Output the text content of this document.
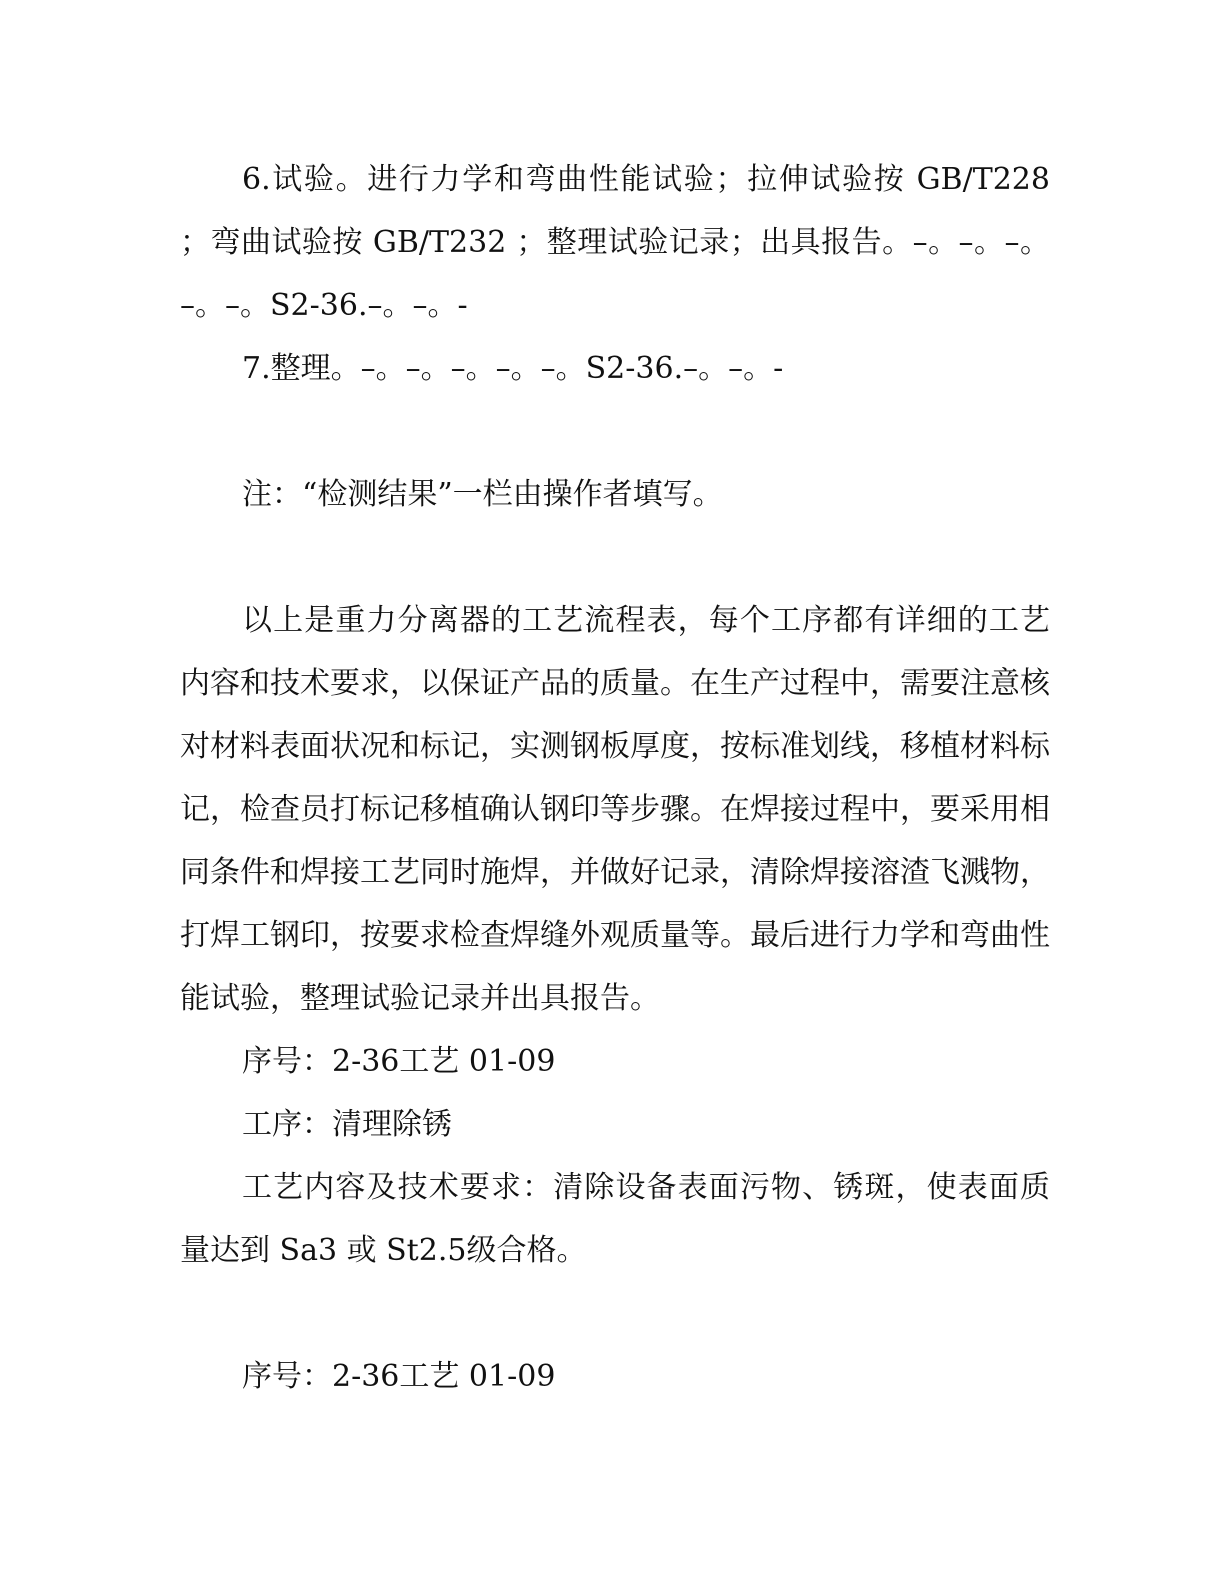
6.试验。进行力学和弯曲性能试验；拉伸试验按 GB/T228 ；弯曲试验按 GB/T232 ；整理试验记录；出具报告。–。–。–。–。–。S2-36.–。–。-

7.整理。–。–。–。–。–。S2-36.–。–。-

注：“检测结果”一栏由操作者填写。

以上是重力分离器的工艺流程表，每个工序都有详细的工艺内容和技术要求，以保证产品的质量。在生产过程中，需要注意核对材料表面状况和标记，实测钢板厚度，按标准划线，移植材料标记，检查员打标记移植确认钢印等步骤。在焊接过程中，要采用相同条件和焊接工艺同时施焊，并做好记录，清除焊接溶渣飞溅物，打焊工钢印，按要求检查焊缝外观质量等。最后进行力学和弯曲性能试验，整理试验记录并出具报告。

序号：2-36工艺 01-09

工序：清理除锈

工艺内容及技术要求：清除设备表面污物、锈斑，使表面质量达到 Sa3 或 St2.5级合格。

序号：2-36工艺 01-09
